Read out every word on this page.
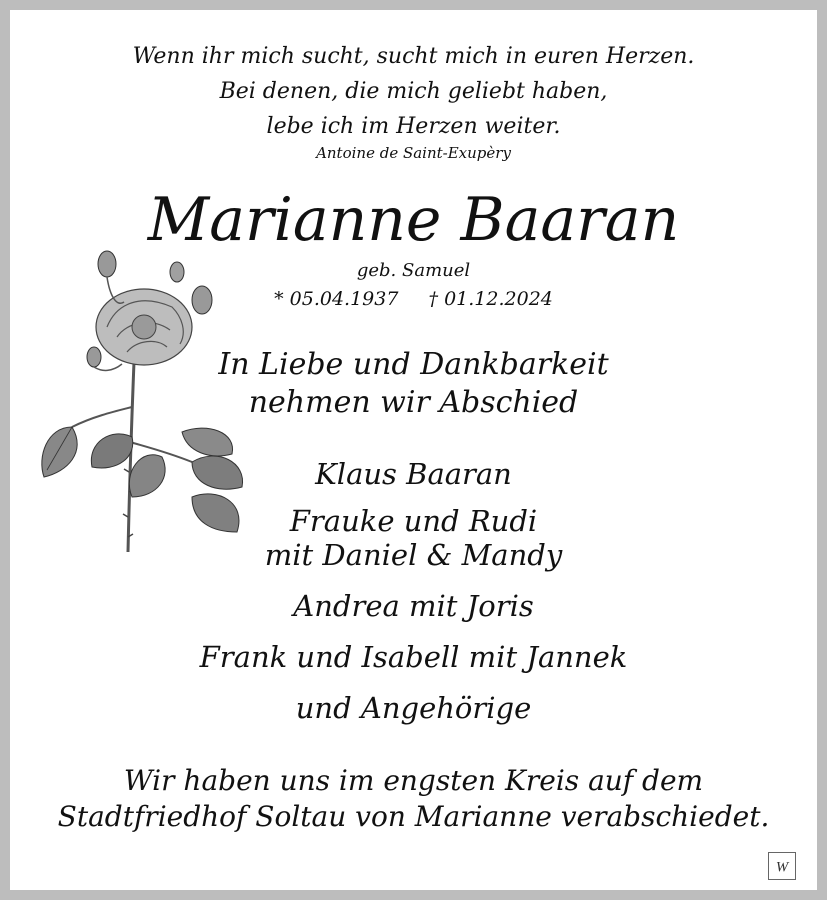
Wenn ihr mich sucht, sucht mich in euren Herzen.
Bei denen, die mich geliebt haben,
lebe ich im Herzen weiter.
Antoine de Saint-Exupèry
Marianne Baaran
geb. Samuel
* 05.04.1937 † 01.12.2024
In Liebe und Dankbarkeit
nehmen wir Abschied
Klaus Baaran
Frauke und Rudi
mit Daniel & Mandy
Andrea mit Joris
Frank und Isabell mit Jannek
und Angehörige
Wir haben uns im engsten Kreis auf dem
Stadtfriedhof Soltau von Marianne verabschiedet.
W
